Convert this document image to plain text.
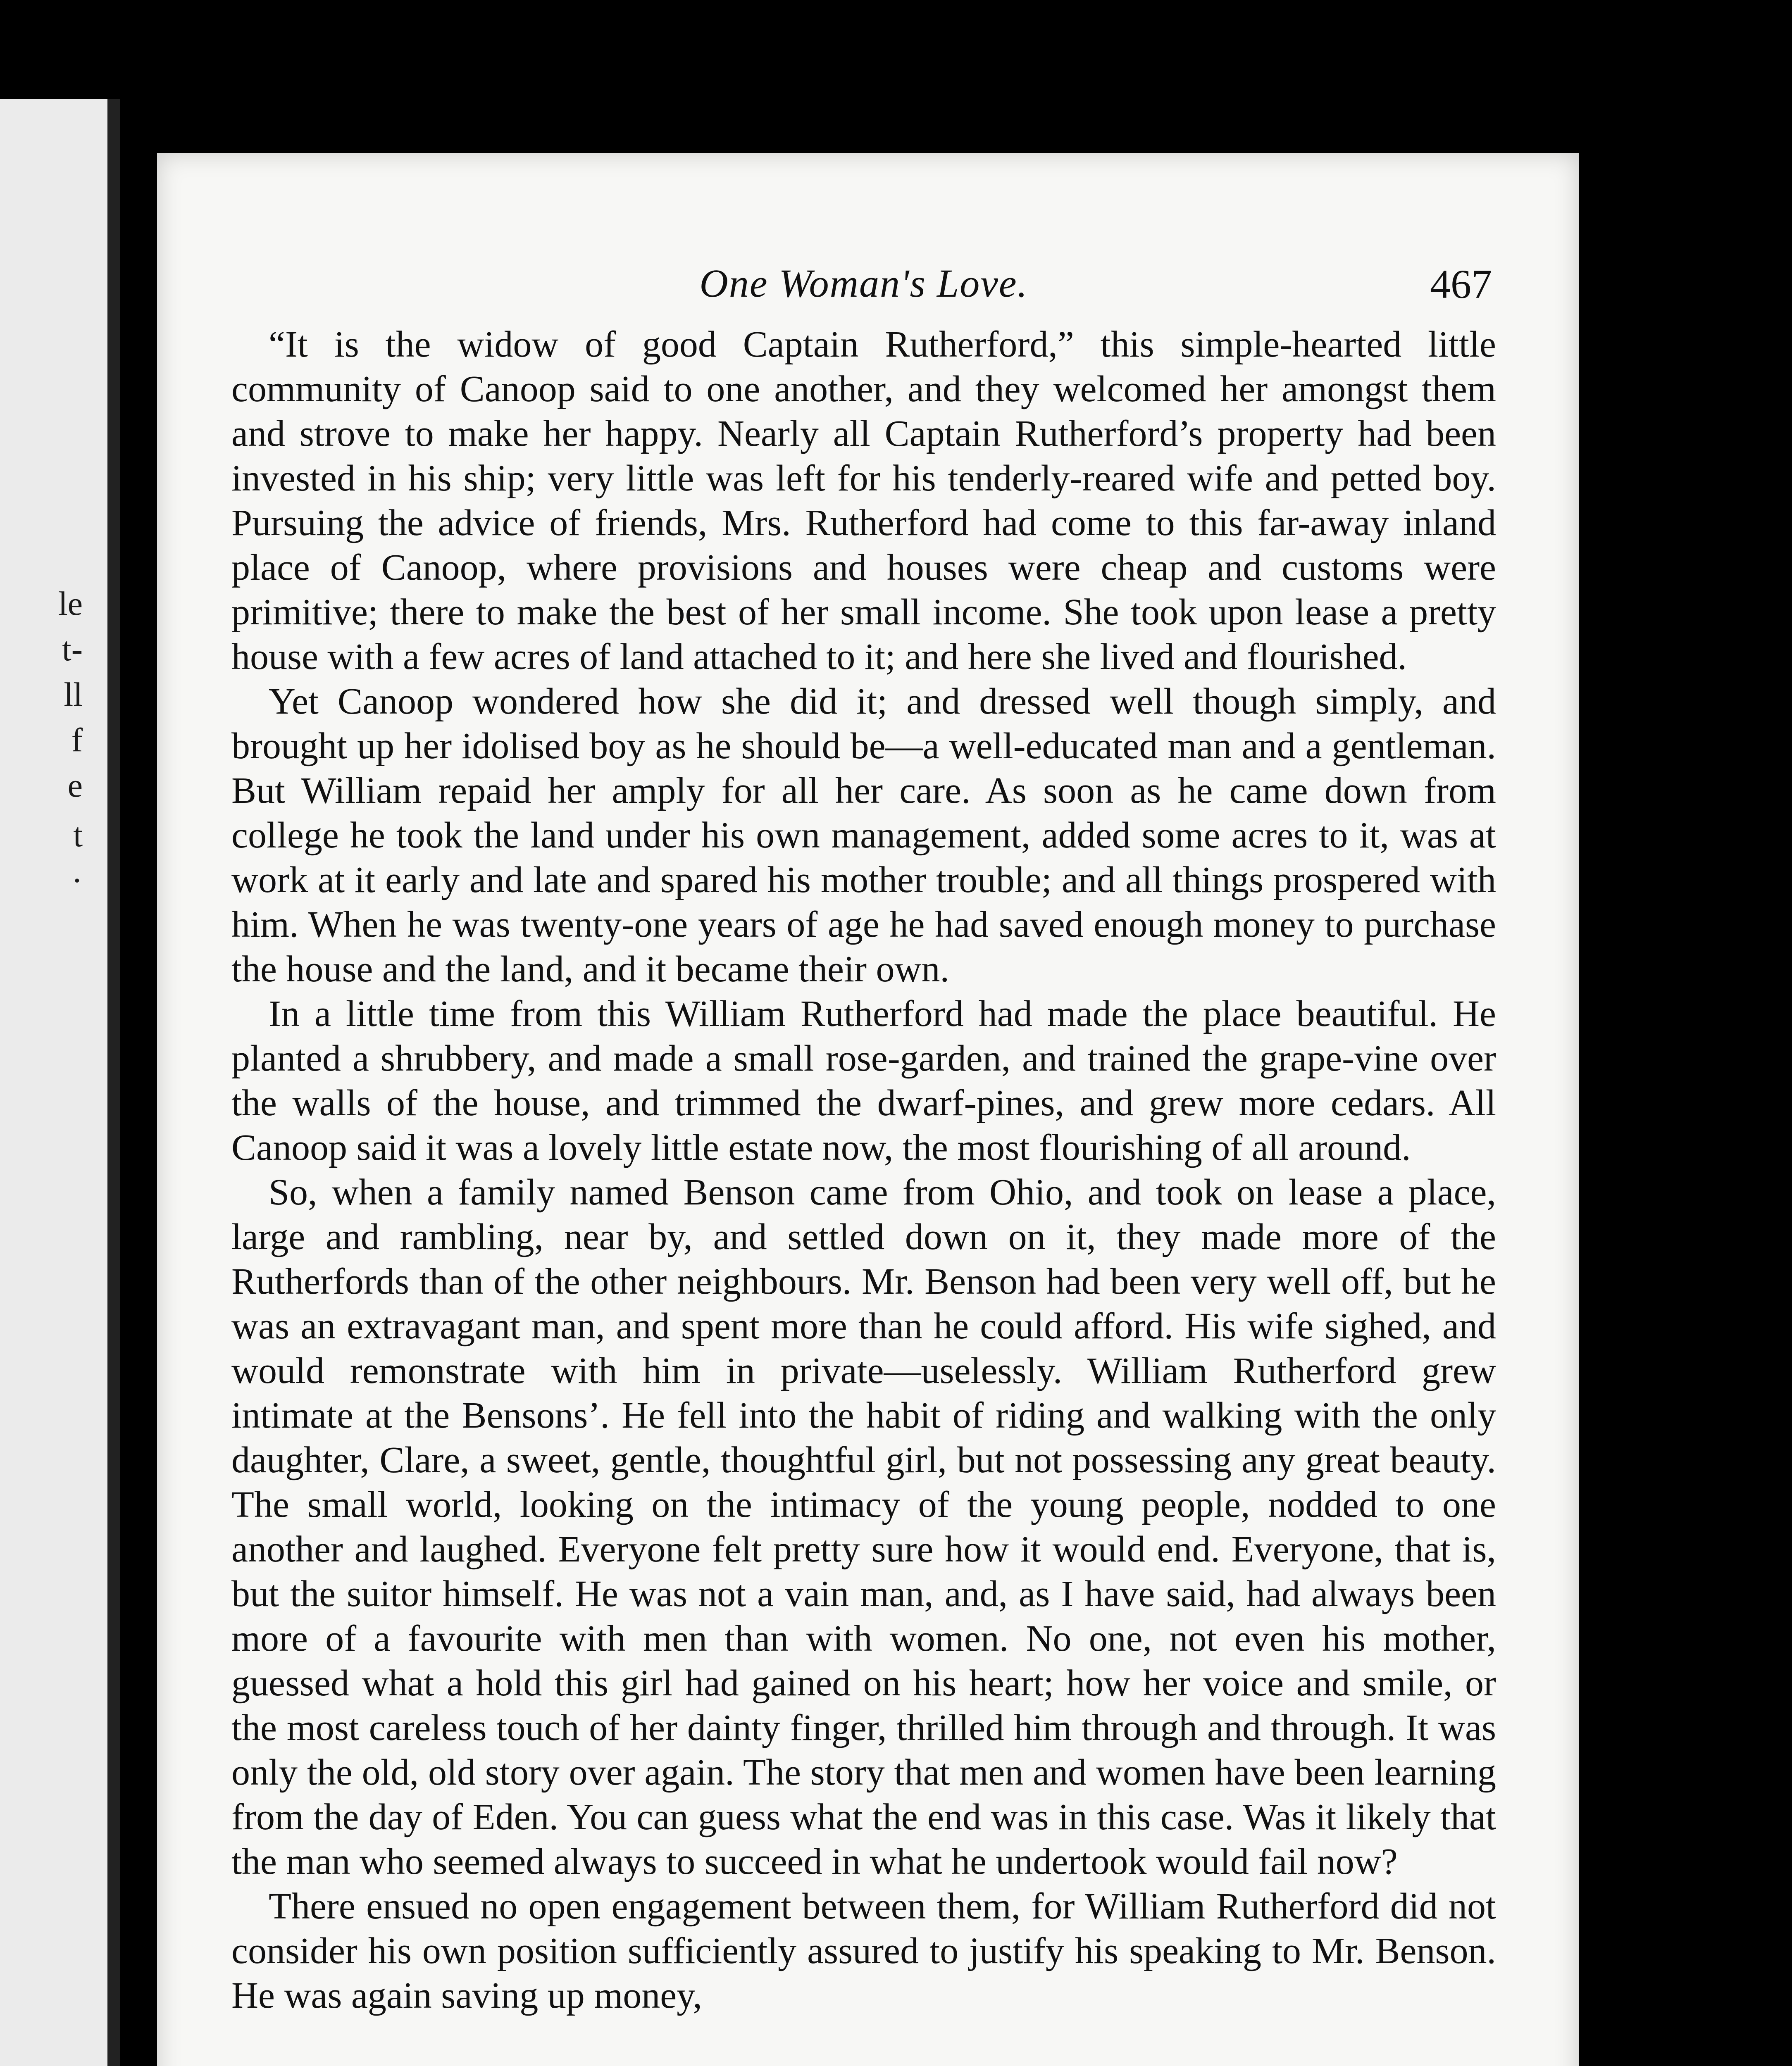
le
t-
ll
f
e
t
·
One Woman's Love.	467

“It is the widow of good Captain Rutherford,” this simple-hearted little community of Canoop said to one another, and they welcomed her amongst them and strove to make her happy. Nearly all Captain Rutherford’s property had been invested in his ship; very little was left for his tenderly-reared wife and petted boy. Pursuing the advice of friends, Mrs. Rutherford had come to this far-away inland place of Canoop, where provisions and houses were cheap and customs were primitive; there to make the best of her small income. She took upon lease a pretty house with a few acres of land attached to it; and here she lived and flourished.

Yet Canoop wondered how she did it; and dressed well though simply, and brought up her idolised boy as he should be—a well-educated man and a gentleman. But William repaid her amply for all her care. As soon as he came down from college he took the land under his own management, added some acres to it, was at work at it early and late and spared his mother trouble; and all things prospered with him. When he was twenty-one years of age he had saved enough money to purchase the house and the land, and it became their own.

In a little time from this William Rutherford had made the place beautiful. He planted a shrubbery, and made a small rose-garden, and trained the grape-vine over the walls of the house, and trimmed the dwarf-pines, and grew more cedars. All Canoop said it was a lovely little estate now, the most flourishing of all around.

So, when a family named Benson came from Ohio, and took on lease a place, large and rambling, near by, and settled down on it, they made more of the Rutherfords than of the other neighbours. Mr. Benson had been very well off, but he was an extravagant man, and spent more than he could afford. His wife sighed, and would remonstrate with him in private—uselessly. William Rutherford grew intimate at the Bensons’. He fell into the habit of riding and walking with the only daughter, Clare, a sweet, gentle, thoughtful girl, but not possessing any great beauty. The small world, looking on the intimacy of the young people, nodded to one another and laughed. Everyone felt pretty sure how it would end. Everyone, that is, but the suitor himself. He was not a vain man, and, as I have said, had always been more of a favourite with men than with women. No one, not even his mother, guessed what a hold this girl had gained on his heart; how her voice and smile, or the most careless touch of her dainty finger, thrilled him through and through. It was only the old, old story over again. The story that men and women have been learning from the day of Eden. You can guess what the end was in this case. Was it likely that the man who seemed always to succeed in what he undertook would fail now?

There ensued no open engagement between them, for William Rutherford did not consider his own position sufficiently assured to justify his speaking to Mr. Benson. He was again saving up money,
